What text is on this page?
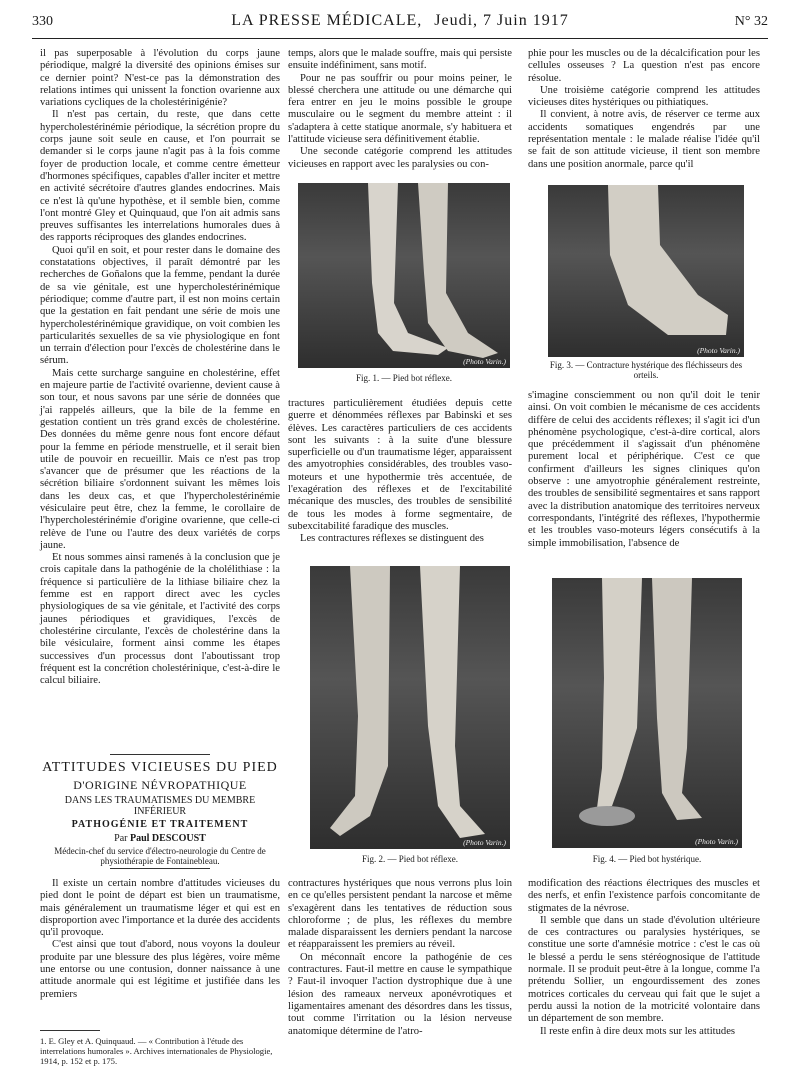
330	LA PRESSE MÉDICALE, Jeudi, 7 Juin 1917	N° 32

il pas superposable à l'évolution du corps jaune périodique, malgré la diversité des opinions émises sur ce dernier point? N'est-ce pas la démonstration des relations intimes qui unissent la fonction ovarienne aux variations cycliques de la cholestérinigénie?

Il n'est pas certain, du reste, que dans cette hypercholestérinémie périodique, la sécrétion propre du corps jaune soit seule en cause, et l'on pourrait se demander si le corps jaune n'agit pas à la fois comme foyer de production locale, et comme centre émetteur d'hormones spécifiques, capables d'aller inciter et mettre en activité sécrétoire d'autres glandes endocrines. Mais ce n'est là qu'une hypothèse, et il semble bien, comme l'ont montré Gley et Quinquaud, que l'on ait admis sans preuves suffisantes les interrelations humorales dues à des rapports réciproques des glandes endocrines.

Quoi qu'il en soit, et pour rester dans le domaine des constatations objectives, il paraît démontré par les recherches de Goñalons que la femme, pendant la durée de sa vie génitale, est une hypercholestérinémique périodique; comme d'autre part, il est non moins certain que la gestation en fait pendant une série de mois une hypercholestérinémique gravidique, on voit combien les particularités sexuelles de sa vie physiologique en font un terrain d'élection pour l'excès de cholestérine dans le sérum.

Mais cette surcharge sanguine en cholestérine, effet en majeure partie de l'activité ovarienne, devient cause à son tour, et nous savons par une série de données que j'ai rappelés ailleurs, que la bile de la femme en gestation contient un très grand excès de cholestérine. Des données du même genre nous font encore défaut pour la femme en période menstruelle, et il serait bien utile de pouvoir en recueillir. Mais ce n'est pas trop s'avancer que de présumer que les réactions de la sécrétion biliaire s'ordonnent suivant les mêmes lois dans les deux cas, et que l'hypercholestérinémie vésiculaire peut être, chez la femme, le corollaire de l'hypercholestérinémie d'origine ovarienne, que celle-ci relève de l'une ou l'autre des deux variétés de corps jaune.

Et nous sommes ainsi ramenés à la conclusion que je crois capitale dans la pathogénie de la cholélithiase : la fréquence si particulière de la lithiase biliaire chez la femme est en rapport direct avec les cycles physiologiques de sa vie génitale, et l'activité des corps jaunes périodiques et gravidiques, l'excès de cholestérine circulante, l'excès de cholestérine dans la bile vésiculaire, forment ainsi comme les étapes successives d'un processus dont l'aboutissant trop fréquent est la concrétion cholestérinique, c'est-à-dire le calcul biliaire.

ATTITUDES VICIEUSES DU PIED

D'ORIGINE NÉVROPATHIQUE

DANS LES TRAUMATISMES DU MEMBRE INFÉRIEUR

PATHOGÉNIE ET TRAITEMENT

Par Paul DESCOUST

Médecin-chef du service d'électro-neurologie du Centre de physiothérapie de Fontainebleau.

Il existe un certain nombre d'attitudes vicieuses du pied dont le point de départ est bien un traumatisme, mais généralement un traumatisme léger et qui est en disproportion avec l'importance et la durée des accidents qu'il provoque.

C'est ainsi que tout d'abord, nous voyons la douleur produite par une blessure des plus légères, voire même une entorse ou une contusion, donner naissance à une attitude anormale qui est légitime et justifiée dans les premiers

1. E. Gley et A. Quinquaud. — « Contribution à l'étude des interrelations humorales ». Archives internationales de Physiologie, 1914, p. 152 et p. 175.

temps, alors que le malade souffre, mais qui persiste ensuite indéfiniment, sans motif.

Pour ne pas souffrir ou pour moins peiner, le blessé cherchera une attitude ou une démarche qui fera entrer en jeu le moins possible le groupe musculaire ou le segment du membre atteint : il s'adaptera à cette statique anormale, s'y habituera et l'attitude vicieuse sera définitivement établie.

Une seconde catégorie comprend les attitudes vicieuses en rapport avec les paralysies ou con-

(Photo Varin.)
Fig. 1. — Pied bot réflexe.

tractures particulièrement étudiées depuis cette guerre et dénommées réflexes par Babinski et ses élèves. Les caractères particuliers de ces accidents sont les suivants : à la suite d'une blessure superficielle ou d'un traumatisme léger, apparaissent des amyotrophies considérables, des troubles vaso-moteurs et une hypothermie très accentuée, de l'exagération des réflexes et de l'excitabilité mécanique des muscles, des troubles de sensibilité de tous les modes à forme segmentaire, de subexcitabilité faradique des muscles.

Les contractures réflexes se distinguent des

(Photo Varin.)
Fig. 2. — Pied bot réflexe.

contractures hystériques que nous verrons plus loin en ce qu'elles persistent pendant la narcose et même s'exagèrent dans les tentatives de réduction sous chloroforme ; de plus, les réflexes du membre malade disparaissent les derniers pendant la narcose et réapparaissent les premiers au réveil.

On méconnaît encore la pathogénie de ces contractures. Faut-il mettre en cause le sympathique ? Faut-il invoquer l'action dystrophique due à une lésion des rameaux nerveux aponévrotiques et ligamentaires amenant des désordres dans les tissus, tout comme l'irritation ou la lésion nerveuse anatomique détermine de l'atro-

phie pour les muscles ou de la décalcification pour les cellules osseuses ? La question n'est pas encore résolue.

Une troisième catégorie comprend les attitudes vicieuses dites hystériques ou pithiatiques.

Il convient, à notre avis, de réserver ce terme aux accidents somatiques engendrés par une représentation mentale : le malade réalise l'idée qu'il se fait de son attitude vicieuse, il tient son membre dans une position anormale, parce qu'il

(Photo Varin.)
Fig. 3. — Contracture hystérique des fléchisseurs des orteils.

s'imagine consciemment ou non qu'il doit le tenir ainsi. On voit combien le mécanisme de ces accidents diffère de celui des accidents réflexes; il s'agit ici d'un phénomène psychologique, c'est-à-dire cortical, alors que précédemment il s'agissait d'un phénomène purement local et périphérique. C'est ce que confirment d'ailleurs les signes cliniques qu'on observe : une amyotrophie généralement restreinte, des troubles de sensibilité segmentaires et sans rapport avec la distribution anatomique des territoires nerveux correspondants, l'intégrité des réflexes, l'hypothermie et les troubles vaso-moteurs légers consécutifs à la simple immobilisation, l'absence de

(Photo Varin.)
Fig. 4. — Pied bot hystérique.

modification des réactions électriques des muscles et des nerfs, et enfin l'existence parfois concomitante de stigmates de la névrose.

Il semble que dans un stade d'évolution ultérieure de ces contractures ou paralysies hystériques, se constitue une sorte d'amnésie motrice : c'est le cas où le blessé a perdu le sens stéréognosique de l'attitude normale. Il se produit peut-être à la longue, comme l'a prétendu Sollier, un engourdissement des zones motrices corticales du cerveau qui fait que le sujet a perdu aussi la notion de la motricité volontaire dans un département de son membre.

Il reste enfin à dire deux mots sur les attitudes
